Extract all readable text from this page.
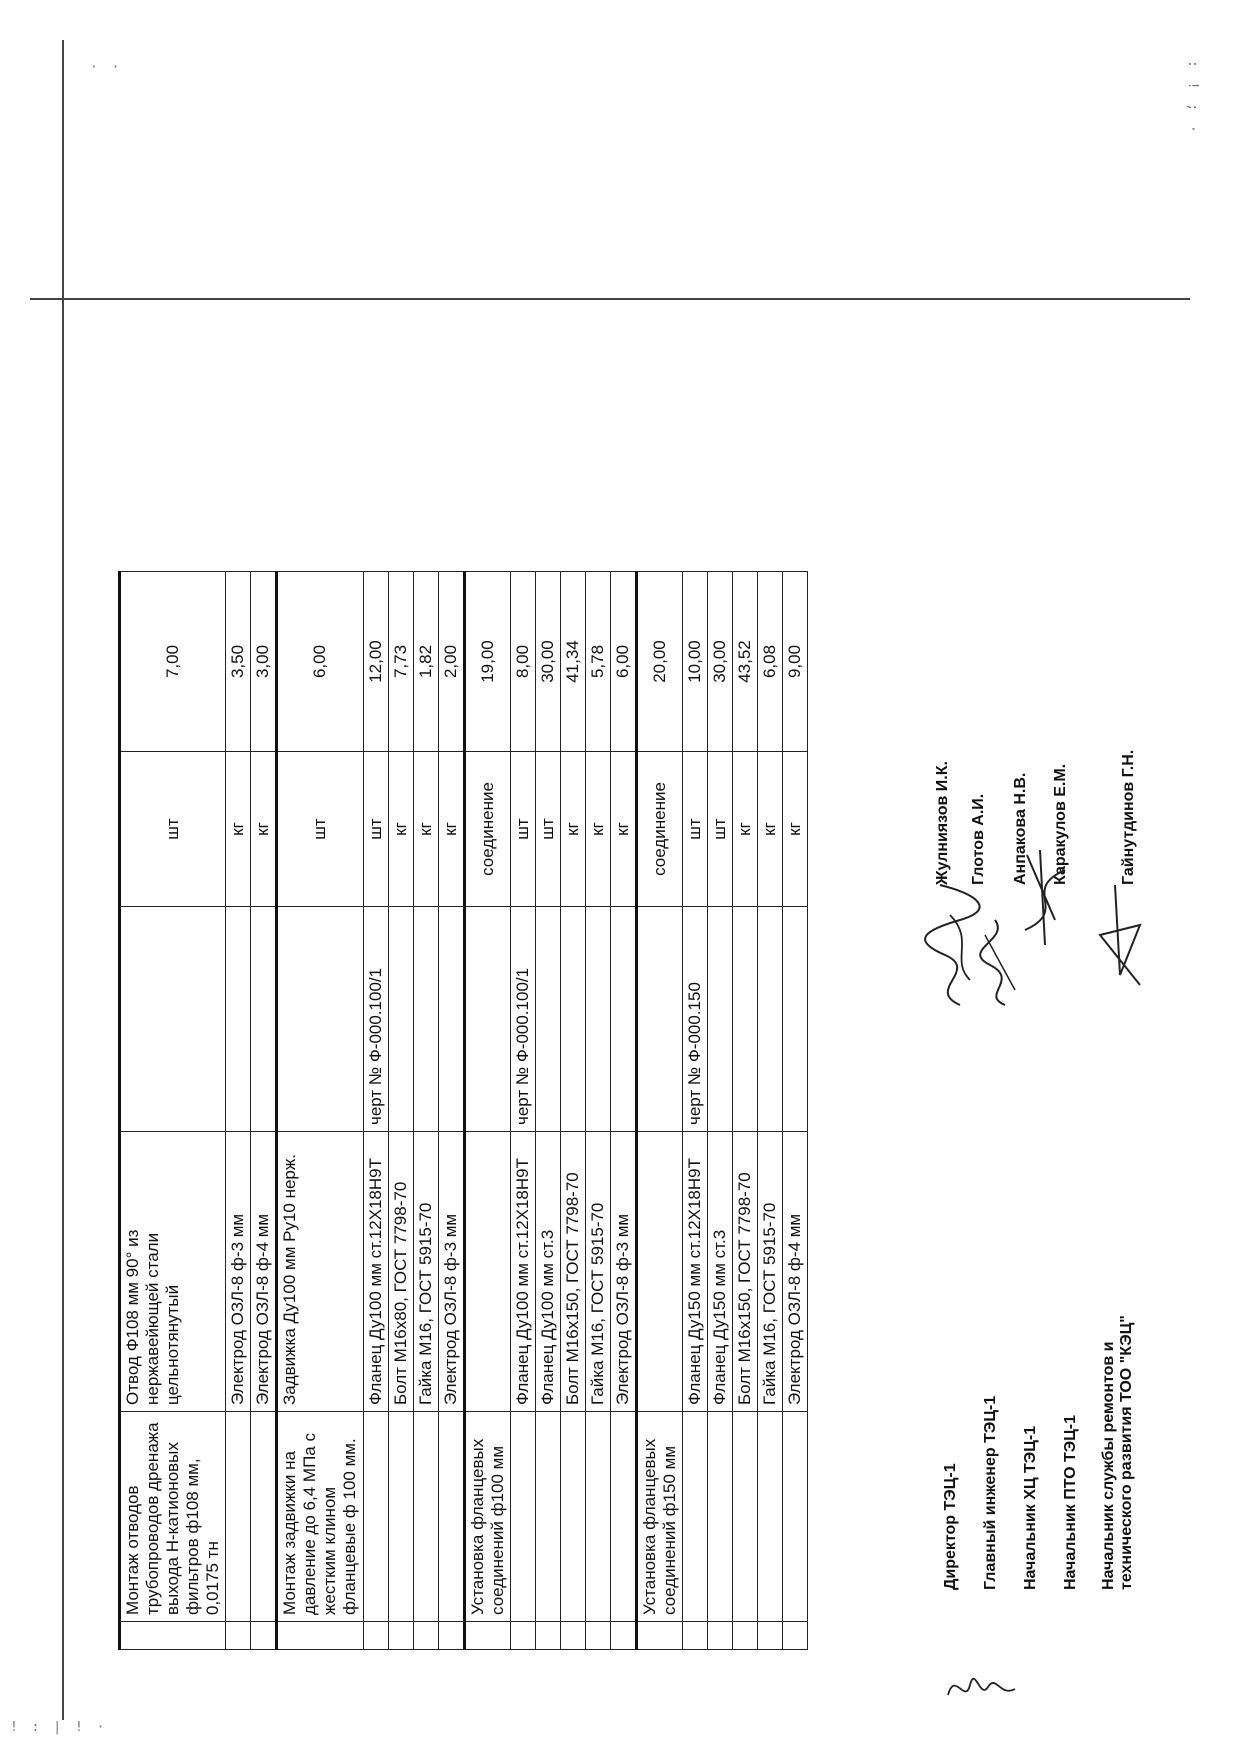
· ·	: ! ; ·
! : | ! ·
	Монтаж отводов трубопроводов дренажа выхода Н-катионовых фильтров ф108 мм, 0,0175 тн	Отвод Ф108 мм 90° из нержавейющей стали цельнотянутый		шт	7,00
		Электрод ОЗЛ-8 ф-3 мм		кг	3,50
		Электрод ОЗЛ-8 ф-4 мм		кг	3,00
	Монтаж задвижки на давление до 6,4 МПа с жестким клином фланцевые ф 100 мм.	Задвижка Ду100 мм Ру10 нерж.		шт	6,00
		Фланец Ду100 мм ст.12Х18Н9Т	черт № Ф-000.100/1	шт	12,00
		Болт М16х80, ГОСТ 7798-70		кг	7,73
		Гайка М16, ГОСТ 5915-70		кг	1,82
		Электрод ОЗЛ-8 ф-3 мм		кг	2,00
	Установка фланцевых соединений ф100 мм			соединение	19,00
		Фланец Ду100 мм ст.12Х18Н9Т	черт № Ф-000.100/1	шт	8,00
		Фланец Ду100 мм ст.3		шт	30,00
		Болт М16х150, ГОСТ 7798-70		кг	41,34
		Гайка М16, ГОСТ 5915-70		кг	5,78
		Электрод ОЗЛ-8 ф-3 мм		кг	6,00
	Установка фланцевых соединений ф150 мм			соединение	20,00
		Фланец Ду150 мм ст.12Х18Н9Т	черт № Ф-000.150	шт	10,00
		Фланец Ду150 мм ст.3		шт	30,00
		Болт М16х150, ГОСТ 7798-70		кг	43,52
		Гайка М16, ГОСТ 5915-70		кг	6,08
		Электрод ОЗЛ-8 ф-4 мм		кг	9,00
Директор ТЭЦ-1
Жулниязов И.К.
Главный инженер ТЭЦ-1
Глотов А.И.
Начальник ХЦ ТЭЦ-1
Анпакова Н.В.
Начальник ПТО ТЭЦ-1
Каракулов Е.М.
Начальник службы ремонтов и технического развития ТОО "КЭЦ"
Гайнутдинов Г.Н.
